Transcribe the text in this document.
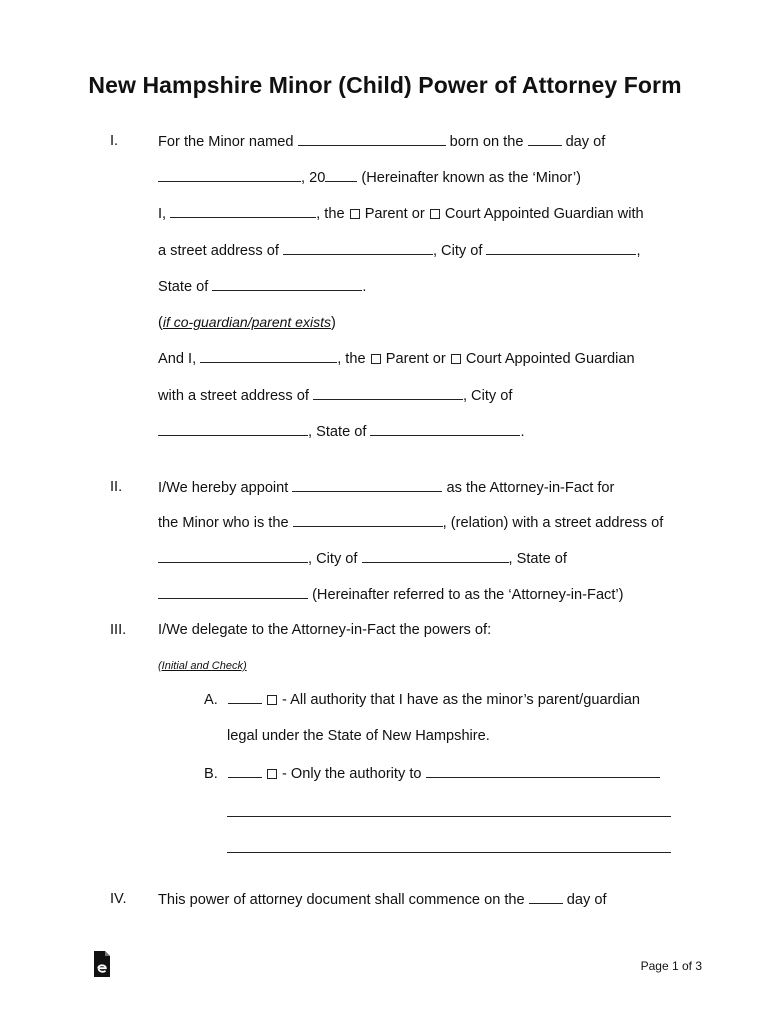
New Hampshire Minor (Child) Power of Attorney Form
I.	For the Minor named	born on the	day of
, 20 (Hereinafter known as the ‘Minor’)
I,	, the Parent or Court Appointed Guardian with
a street address of	, City of	,
State of	.
(if co-guardian/parent exists)
And I,	, the Parent or Court Appointed Guardian
with a street address of	, City of
, State of	.
II. I/We hereby appoint	as the Attorney-in-Fact for
the Minor who is the	, (relation) with a street address of
, City of	, State of
(Hereinafter referred to as the ‘Attorney-in-Fact’)
III. I/We delegate to the Attorney-in-Fact the powers of:
(Initial and Check)
A.	- All authority that I have as the minor’s parent/guardian
legal under the State of New Hampshire.
B.	- Only the authority to
IV. This power of attorney document shall commence on the	day of
Page 1 of 3
